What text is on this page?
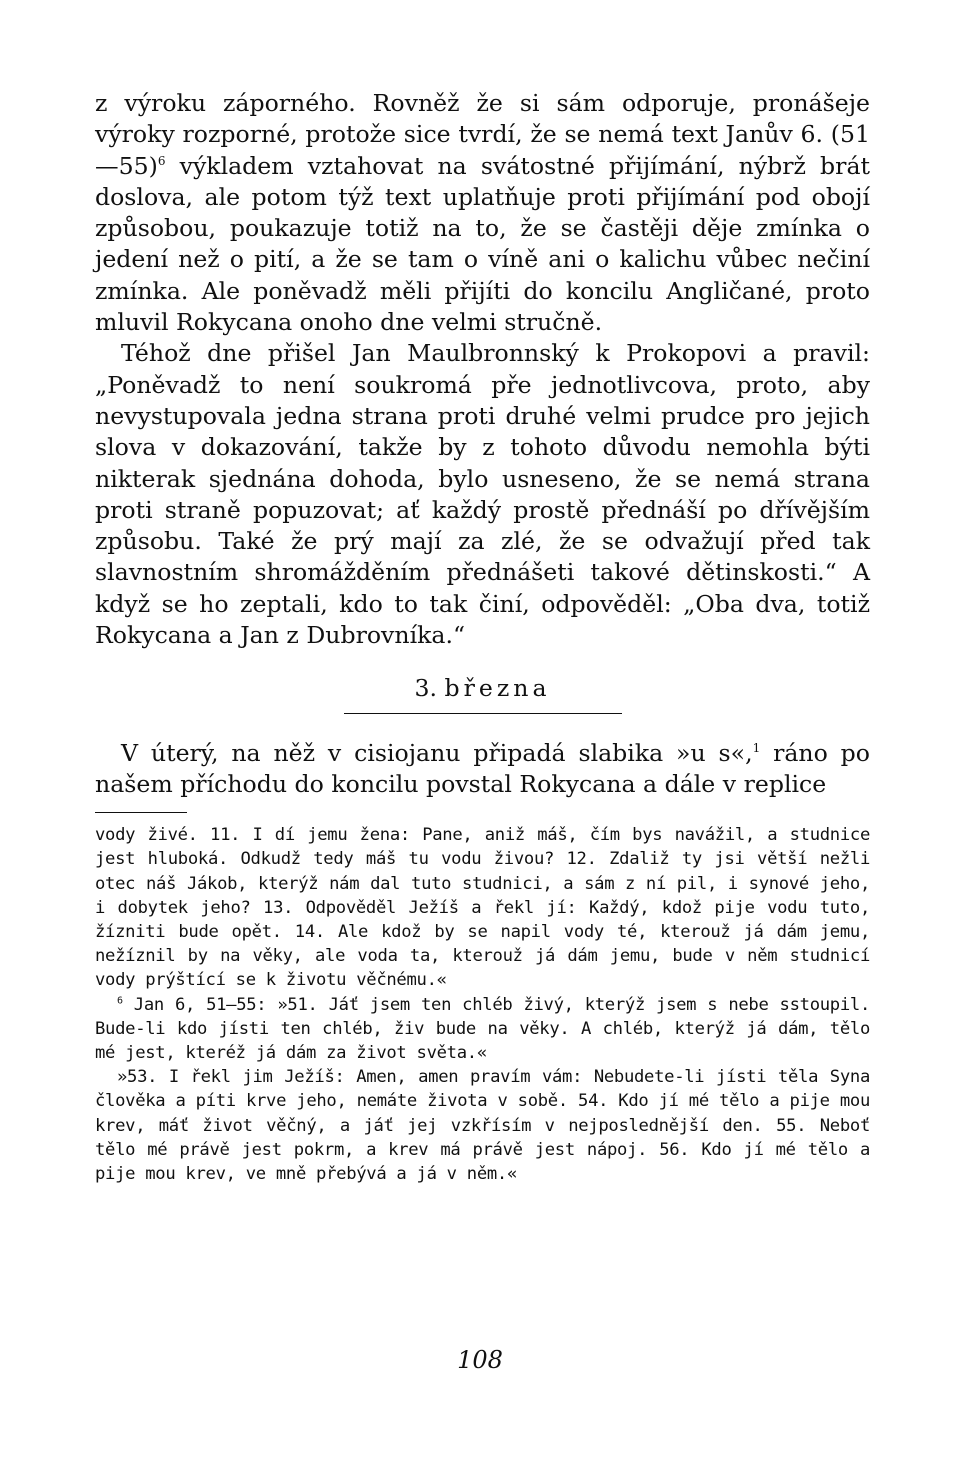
z výroku záporného. Rovněž že si sám odporuje, pronášeje výroky rozporné, protože sice tvrdí, že se nemá text Janův 6. (51—55)$^6$ výkladem vztahovat na svátostné přijímání, nýbrž brát doslova, ale potom týž text uplatňuje proti přijímání pod obojí způsobou, poukazuje totiž na to, že se častěji děje zmínka o jedení než o pití, a že se tam o víně ani o kalichu vůbec nečiní zmínka. Ale poněvadž měli přijíti do koncilu Angličané, proto mluvil Rokycana onoho dne velmi stručně.

Téhož dne přišel Jan Maulbronnský k Prokopovi a pravil: „Poněvadž to není soukromá pře jednotlivcova, proto, aby nevystupovala jedna strana proti druhé velmi prudce pro jejich slova v dokazování, takže by z tohoto důvodu nemohla býti nikterak sjednána dohoda, bylo usneseno, že se nemá strana proti straně popuzovat; ať každý prostě přednáší po dřívějším způsobu. Také že prý mají za zlé, že se odvažují před tak slavnostním shromážděním přednášeti takové dětinskosti.“ A když se ho zeptali, kdo to tak činí, odpověděl: „Oba dva, totiž Rokycana a Jan z Dubrovníka.“

3. března

V úterý, na něž v cisiojanu připadá slabika »u s«,$^1$ ráno po našem příchodu do koncilu povstal Rokycana a dále v replice

vody živé. 11. I dí jemu žena: Pane, aniž máš, čím bys navážil, a studnice jest hluboká. Odkudž tedy máš tu vodu živou? 12. Zdaliž ty jsi větší nežli otec náš Jákob, kterýž nám dal tuto studnici, a sám z ní pil, i synové jeho, i dobytek jeho? 13. Odpověděl Ježíš a řekl jí: Každý, kdož pije vodu tuto, žízniti bude opět. 14. Ale kdož by se napil vody té, kterouž já dám jemu, nežíznil by na věky, ale voda ta, kterouž já dám jemu, bude v něm studnicí vody prýštící se k životu věčnému.«

$^6$ Jan 6, 51—55: »51. Jáť jsem ten chléb živý, kterýž jsem s nebe sstoupil. Bude-li kdo jísti ten chléb, živ bude na věky. A chléb, kterýž já dám, tělo mé jest, kteréž já dám za život světa.«

»53. I řekl jim Ježíš: Amen, amen pravím vám: Nebudete-li jísti těla Syna člověka a píti krve jeho, nemáte života v sobě. 54. Kdo jí mé tělo a pije mou krev, máť život věčný, a jáť jej vzkřísím v nejposlednější den. 55. Neboť tělo mé právě jest pokrm, a krev má právě jest nápoj. 56. Kdo jí mé tělo a pije mou krev, ve mně přebývá a já v něm.«

108
